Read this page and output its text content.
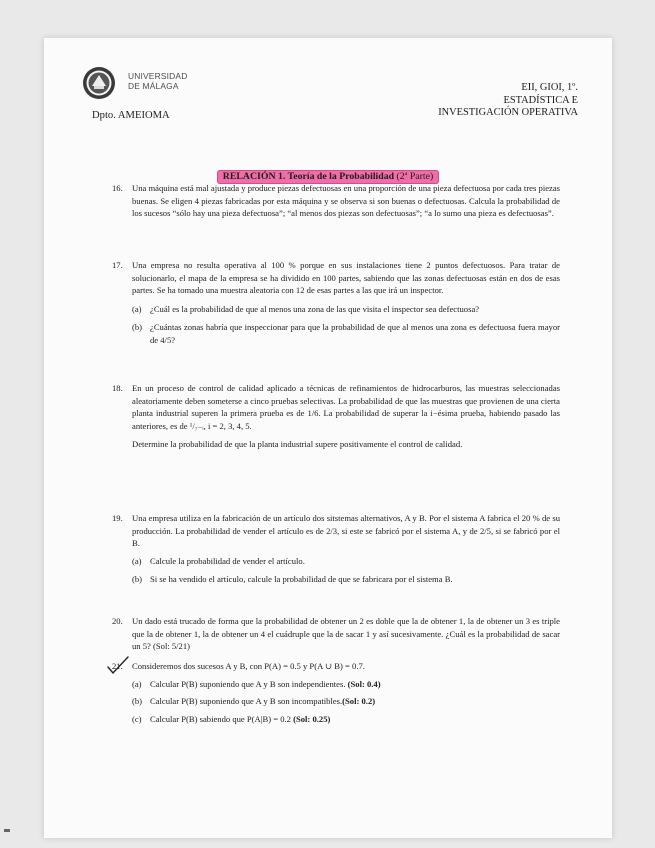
UNIVERSIDAD
DE MÁLAGA
Dpto. AMEIOMA
EII, GIOI, 1º.
ESTADÍSTICA E
INVESTIGACIÓN OPERATIVA
RELACIÓN 1. Teoría de la Probabilidad (2ª Parte)
16. Una máquina está mal ajustada y produce piezas defectuosas en una proporción de una pieza defectuosa por cada tres piezas buenas. Se eligen 4 piezas fabricadas por esta máquina y se observa si son buenas o defectuosas. Calcula la probabilidad de los sucesos “sólo hay una pieza defectuosa”; “al menos dos piezas son defectuosas”; “a lo sumo una pieza es defectuosas”.
17. Una empresa no resulta operativa al 100 % porque en sus instalaciones tiene 2 puntos defectuosos. Para tratar de solucionarlo, el mapa de la empresa se ha dividido en 100 partes, sabiendo que las zonas defectuosas están en dos de esas partes. Se ha tomado una muestra aleatoria con 12 de esas partes a las que irá un inspector.
(a) ¿Cuál es la probabilidad de que al menos una zona de las que visita el inspector sea defectuosa?
(b) ¿Cuántas zonas habría que inspeccionar para que la probabilidad de que al menos una zona es defectuosa fuera mayor de 4/5?
18. En un proceso de control de calidad aplicado a técnicas de refinamientos de hidrocarburos, las muestras seleccionadas aleatoriamente deben someterse a cinco pruebas selectivas. La probabilidad de que las muestras que provienen de una cierta planta industrial superen la primera prueba es de 1/6. La probabilidad de superar la i−ésima prueba, habiendo pasado las anteriores, es de ¹/₇₋ᵢ, i = 2, 3, 4, 5.
Determine la probabilidad de que la planta industrial supere positivamente el control de calidad.
19. Una empresa utiliza en la fabricación de un artículo dos sitstemas alternativos, A y B. Por el sistema A fabrica el 20 % de su producción. La probabilidad de vender el artículo es de 2/3, si este se fabricó por el sistema A, y de 2/5, si se fabricó por el B.
(a) Calcule la probabilidad de vender el artículo.
(b) Si se ha vendido el artículo, calcule la probabilidad de que se fabricara por el sistema B.
20. Un dado está trucado de forma que la probabilidad de obtener un 2 es doble que la de obtener 1, la de obtener un 3 es triple que la de obtener 1, la de obtener un 4 el cuádruple que la de sacar 1 y así sucesivamente. ¿Cuál es la probabilidad de sacar un 5? (Sol: 5/21)
21. Consideremos dos sucesos A y B, con P(A) = 0.5 y P(A ∪ B) = 0.7.
(a) Calcular P(B) suponiendo que A y B son independientes. (Sol: 0.4)
(b) Calcular P(B) suponiendo que A y B son incompatibles.(Sol: 0.2)
(c) Calcular P(B) sabiendo que P(A|B) = 0.2 (Sol: 0.25)
